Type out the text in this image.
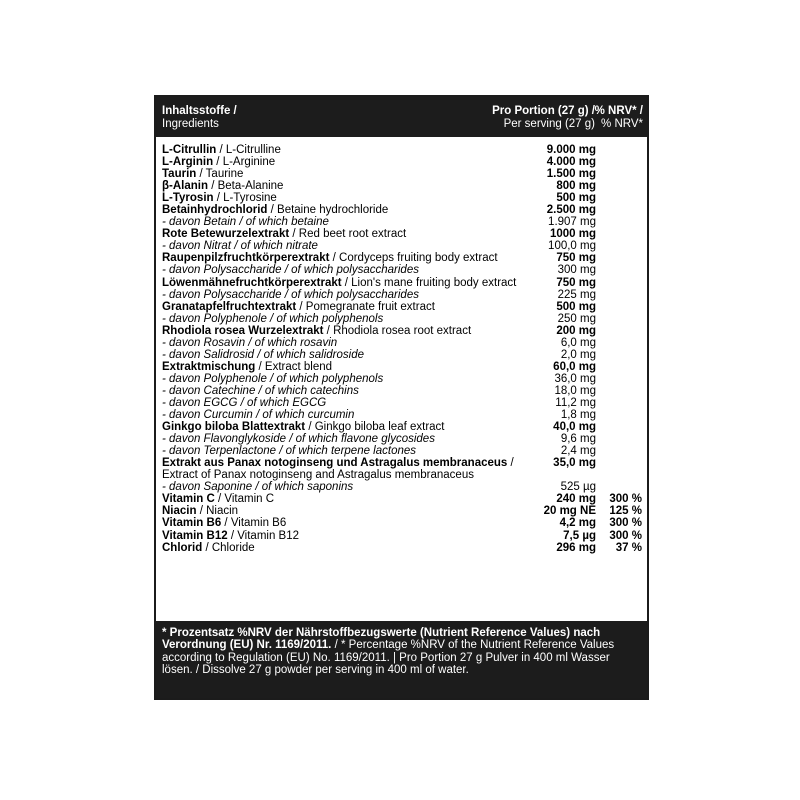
Inhaltsstoffe /
Ingredients
Pro Portion (27 g) /
Per serving (27 g)
% NRV* /
% NRV*
L-Citrullin / L-Citrulline	9.000 mg
L-Arginin / L-Arginine	4.000 mg
Taurin / Taurine	1.500 mg
β-Alanin / Beta-Alanine	800 mg
L-Tyrosin / L-Tyrosine	500 mg
Betainhydrochlorid / Betaine hydrochloride	2.500 mg
- davon Betain / of which betaine	1.907 mg
Rote Betewurzelextrakt / Red beet root extract	1000 mg
- davon Nitrat / of which nitrate	100,0 mg
Raupenpilzfruchtkörperextrakt / Cordyceps fruiting body extract	750 mg
- davon Polysaccharide / of which polysaccharides	300 mg
Löwenmähnefruchtkörperextrakt / Lion's mane fruiting body extract	750 mg
- davon Polysaccharide / of which polysaccharides	225 mg
Granatapfelfruchtextrakt / Pomegranate fruit extract	500 mg
- davon Polyphenole / of which polyphenols	250 mg
Rhodiola rosea Wurzelextrakt / Rhodiola rosea root extract	200 mg
- davon Rosavin / of which rosavin	6,0 mg
- davon Salidrosid / of which salidroside	2,0 mg
Extraktmischung / Extract blend	60,0 mg
- davon Polyphenole / of which polyphenols	36,0 mg
- davon Catechine / of which catechins	18,0 mg
- davon EGCG / of which EGCG	11,2 mg
- davon Curcumin / of which curcumin	1,8 mg
Ginkgo biloba Blattextrakt / Ginkgo biloba leaf extract	40,0 mg
- davon Flavonglykoside / of which flavone glycosides	9,6 mg
- davon Terpenlactone / of which terpene lactones	2,4 mg
Extrakt aus Panax notoginseng und Astragalus membranaceus /	35,0 mg
Extract of Panax notoginseng and Astragalus membranaceus
- davon Saponine / of which saponins	525 µg
Vitamin C / Vitamin C	240 mg 300 %
Niacin / Niacin	20 mg NE 125 %
Vitamin B6 / Vitamin B6	4,2 mg 300 %
Vitamin B12 / Vitamin B12	7,5 µg 300 %
Chlorid / Chloride	296 mg 37 %
* Prozentsatz %NRV der Nährstoffbezugswerte (Nutrient Reference Values) nach Verordnung (EU) Nr. 1169/2011. / * Percentage %NRV of the Nutrient Reference Values according to Regulation (EU) No. 1169/2011. | Pro Portion 27 g Pulver in 400 ml Wasser lösen. / Dissolve 27 g powder per serving in 400 ml of water.
